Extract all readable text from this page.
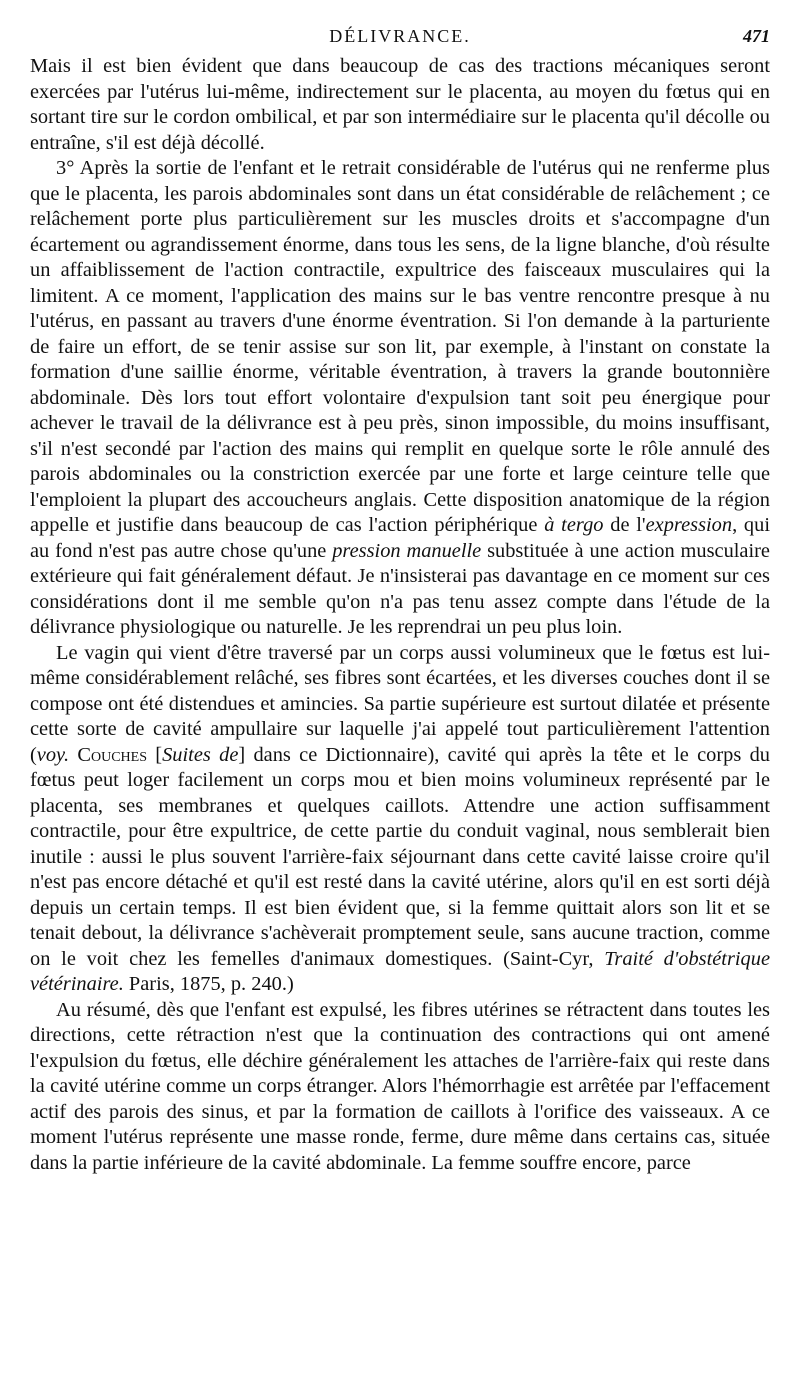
DÉLIVRANCE.	471

Mais il est bien évident que dans beaucoup de cas des tractions mécaniques seront exercées par l'utérus lui-même, indirectement sur le placenta, au moyen du fœtus qui en sortant tire sur le cordon ombilical, et par son intermédiaire sur le placenta qu'il décolle ou entraîne, s'il est déjà décollé.

3° Après la sortie de l'enfant et le retrait considérable de l'utérus qui ne renferme plus que le placenta, les parois abdominales sont dans un état considérable de relâchement ; ce relâchement porte plus particulièrement sur les muscles droits et s'accompagne d'un écartement ou agrandissement énorme, dans tous les sens, de la ligne blanche, d'où résulte un affaiblissement de l'action contractile, expultrice des faisceaux musculaires qui la limitent. A ce moment, l'application des mains sur le bas ventre rencontre presque à nu l'utérus, en passant au travers d'une énorme éventration. Si l'on demande à la parturiente de faire un effort, de se tenir assise sur son lit, par exemple, à l'instant on constate la formation d'une saillie énorme, véritable éventration, à travers la grande boutonnière abdominale. Dès lors tout effort volontaire d'expulsion tant soit peu énergique pour achever le travail de la délivrance est à peu près, sinon impossible, du moins insuffisant, s'il n'est secondé par l'action des mains qui remplit en quelque sorte le rôle annulé des parois abdominales ou la constriction exercée par une forte et large ceinture telle que l'emploient la plupart des accoucheurs anglais. Cette disposition anatomique de la région appelle et justifie dans beaucoup de cas l'action périphérique à tergo de l'expression, qui au fond n'est pas autre chose qu'une pression manuelle substituée à une action musculaire extérieure qui fait généralement défaut. Je n'insisterai pas davantage en ce moment sur ces considérations dont il me semble qu'on n'a pas tenu assez compte dans l'étude de la délivrance physiologique ou naturelle. Je les reprendrai un peu plus loin.

Le vagin qui vient d'être traversé par un corps aussi volumineux que le fœtus est lui-même considérablement relâché, ses fibres sont écartées, et les diverses couches dont il se compose ont été distendues et amincies. Sa partie supérieure est surtout dilatée et présente cette sorte de cavité ampullaire sur laquelle j'ai appelé tout particulièrement l'attention (voy. Couches [Suites de] dans ce Dictionnaire), cavité qui après la tête et le corps du fœtus peut loger facilement un corps mou et bien moins volumineux représenté par le placenta, ses membranes et quelques caillots. Attendre une action suffisamment contractile, pour être expultrice, de cette partie du conduit vaginal, nous semblerait bien inutile : aussi le plus souvent l'arrière-faix séjournant dans cette cavité laisse croire qu'il n'est pas encore détaché et qu'il est resté dans la cavité utérine, alors qu'il en est sorti déjà depuis un certain temps. Il est bien évident que, si la femme quittait alors son lit et se tenait debout, la délivrance s'achèverait promptement seule, sans aucune traction, comme on le voit chez les femelles d'animaux domestiques. (Saint-Cyr, Traité d'obstétrique vétérinaire. Paris, 1875, p. 240.)

Au résumé, dès que l'enfant est expulsé, les fibres utérines se rétractent dans toutes les directions, cette rétraction n'est que la continuation des contractions qui ont amené l'expulsion du fœtus, elle déchire généralement les attaches de l'arrière-faix qui reste dans la cavité utérine comme un corps étranger. Alors l'hémorrhagie est arrêtée par l'effacement actif des parois des sinus, et par la formation de caillots à l'orifice des vaisseaux. A ce moment l'utérus représente une masse ronde, ferme, dure même dans certains cas, située dans la partie inférieure de la cavité abdominale. La femme souffre encore, parce
